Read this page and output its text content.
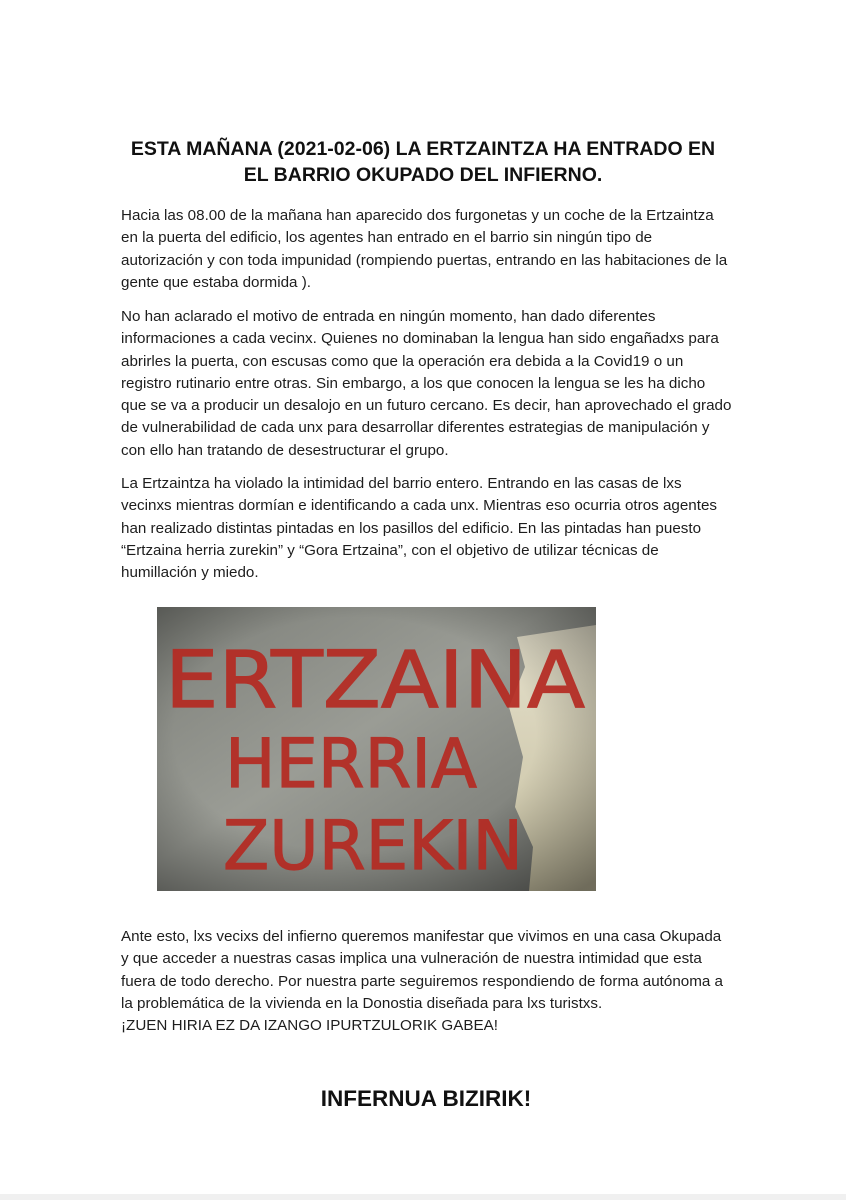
ESTA MAÑANA (2021-02-06) LA ERTZAINTZA HA ENTRADO EN
EL BARRIO OKUPADO DEL INFIERNO.

Hacia las 08.00 de la mañana han aparecido dos furgonetas y un coche de la Ertzaintza en la puerta del edificio, los agentes han entrado en el barrio sin ningún tipo de autorización y con toda impunidad (rompiendo puertas, entrando en las habitaciones de la gente que estaba dormida ).

No han aclarado el motivo de entrada en ningún momento, han dado diferentes informaciones a cada vecinx. Quienes no dominaban la lengua han sido engañadxs para abrirles la puerta, con escusas como que la operación era debida a la Covid19 o un registro rutinario entre otras. Sin embargo, a los que conocen la lengua se les ha dicho que se va a producir un desalojo en un futuro cercano. Es decir, han aprovechado el grado de vulnerabilidad de cada unx para desarrollar diferentes estrategias de manipulación y con ello han tratando de desestructurar el grupo.

La Ertzaintza ha violado la intimidad del barrio entero. Entrando en las casas de lxs vecinxs mientras dormían e identificando a cada unx. Mientras eso ocurria otros agentes han realizado distintas pintadas en los pasillos del edificio. En las pintadas han puesto “Ertzaina herria zurekin” y “Gora Ertzaina”, con el objetivo de utilizar técnicas de humillación y miedo.

ERTZAINA
HERRIA
ZUREKIN

Ante esto, lxs vecixs del infierno queremos manifestar que vivimos en una casa Okupada y que acceder a nuestras casas implica una vulneración de nuestra intimidad que esta fuera de todo derecho. Por nuestra parte seguiremos respondiendo de forma autónoma a la problemática de la vivienda en la Donostia diseñada para lxs turistxs.
¡ZUEN HIRIA EZ DA IZANGO IPURTZULORIK GABEA!

INFERNUA BIZIRIK!
